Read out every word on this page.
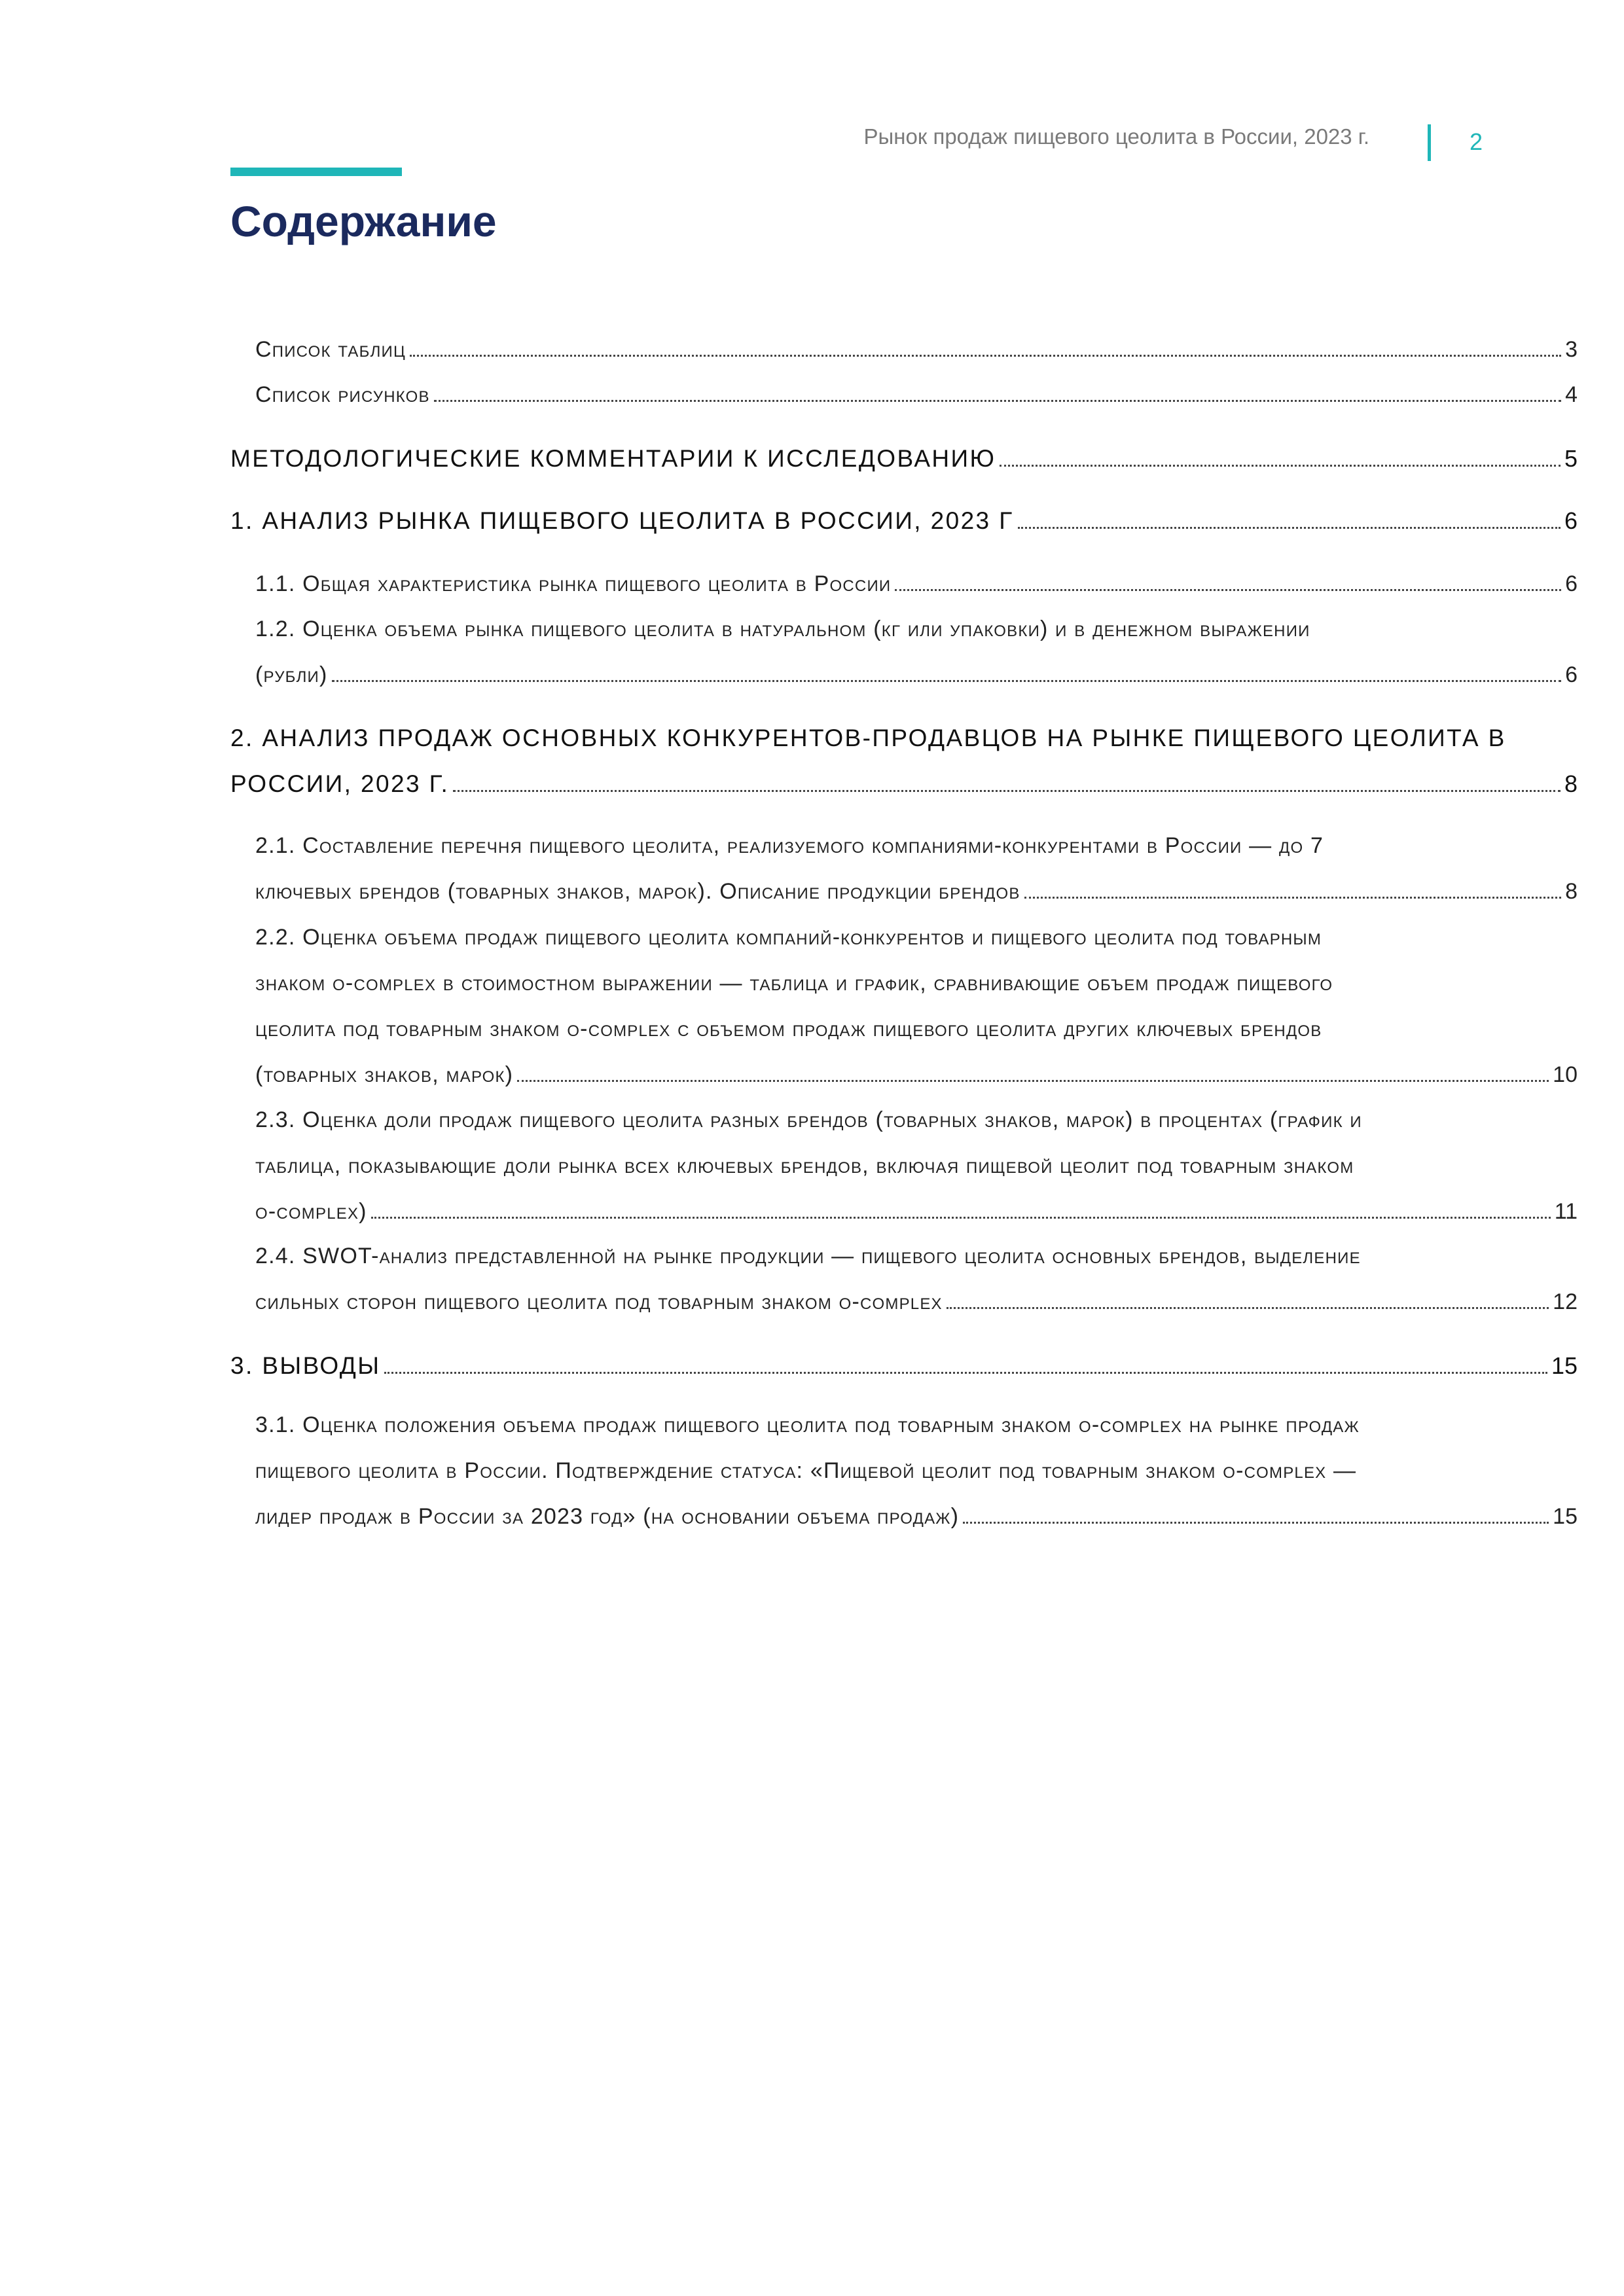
Рынок продаж пищевого цеолита в России, 2023 г.	2
Содержание
Список таблиц	3
Список рисунков	4
МЕТОДОЛОГИЧЕСКИЕ КОММЕНТАРИИ К ИССЛЕДОВАНИЮ	5
1. АНАЛИЗ РЫНКА ПИЩЕВОГО ЦЕОЛИТА В РОССИИ, 2023 Г	6
1.1. Общая характеристика рынка пищевого цеолита в России	6
1.2. Оценка объема рынка пищевого цеолита в натуральном (кг или упаковки) и в денежном выражении
(рубли)	6
2. АНАЛИЗ ПРОДАЖ ОСНОВНЫХ КОНКУРЕНТОВ-ПРОДАВЦОВ НА РЫНКЕ ПИЩЕВОГО ЦЕОЛИТА В
РОССИИ, 2023 Г.	8
2.1. Составление перечня пищевого цеолита, реализуемого компаниями-конкурентами в России — до 7
ключевых брендов (товарных знаков, марок). Описание продукции брендов	8
2.2. Оценка объема продаж пищевого цеолита компаний-конкурентов и пищевого цеолита под товарным
знаком o-complex в стоимостном выражении — таблица и график, сравнивающие объем продаж пищевого
цеолита под товарным знаком o-complex с объемом продаж пищевого цеолита других ключевых брендов
(товарных знаков, марок)	10
2.3. Оценка доли продаж пищевого цеолита разных брендов (товарных знаков, марок) в процентах (график и
таблица, показывающие доли рынка всех ключевых брендов, включая пищевой цеолит под товарным знаком
o-complex)	11
2.4. SWOT-анализ представленной на рынке продукции — пищевого цеолита основных брендов, выделение
сильных сторон пищевого цеолита под товарным знаком o-complex	12
3. ВЫВОДЫ	15
3.1. Оценка положения объема продаж пищевого цеолита под товарным знаком o-complex на рынке продаж
пищевого цеолита в России. Подтверждение статуса: «Пищевой цеолит под товарным знаком o-complex —
лидер продаж в России за 2023 год» (на основании объема продаж)	15
